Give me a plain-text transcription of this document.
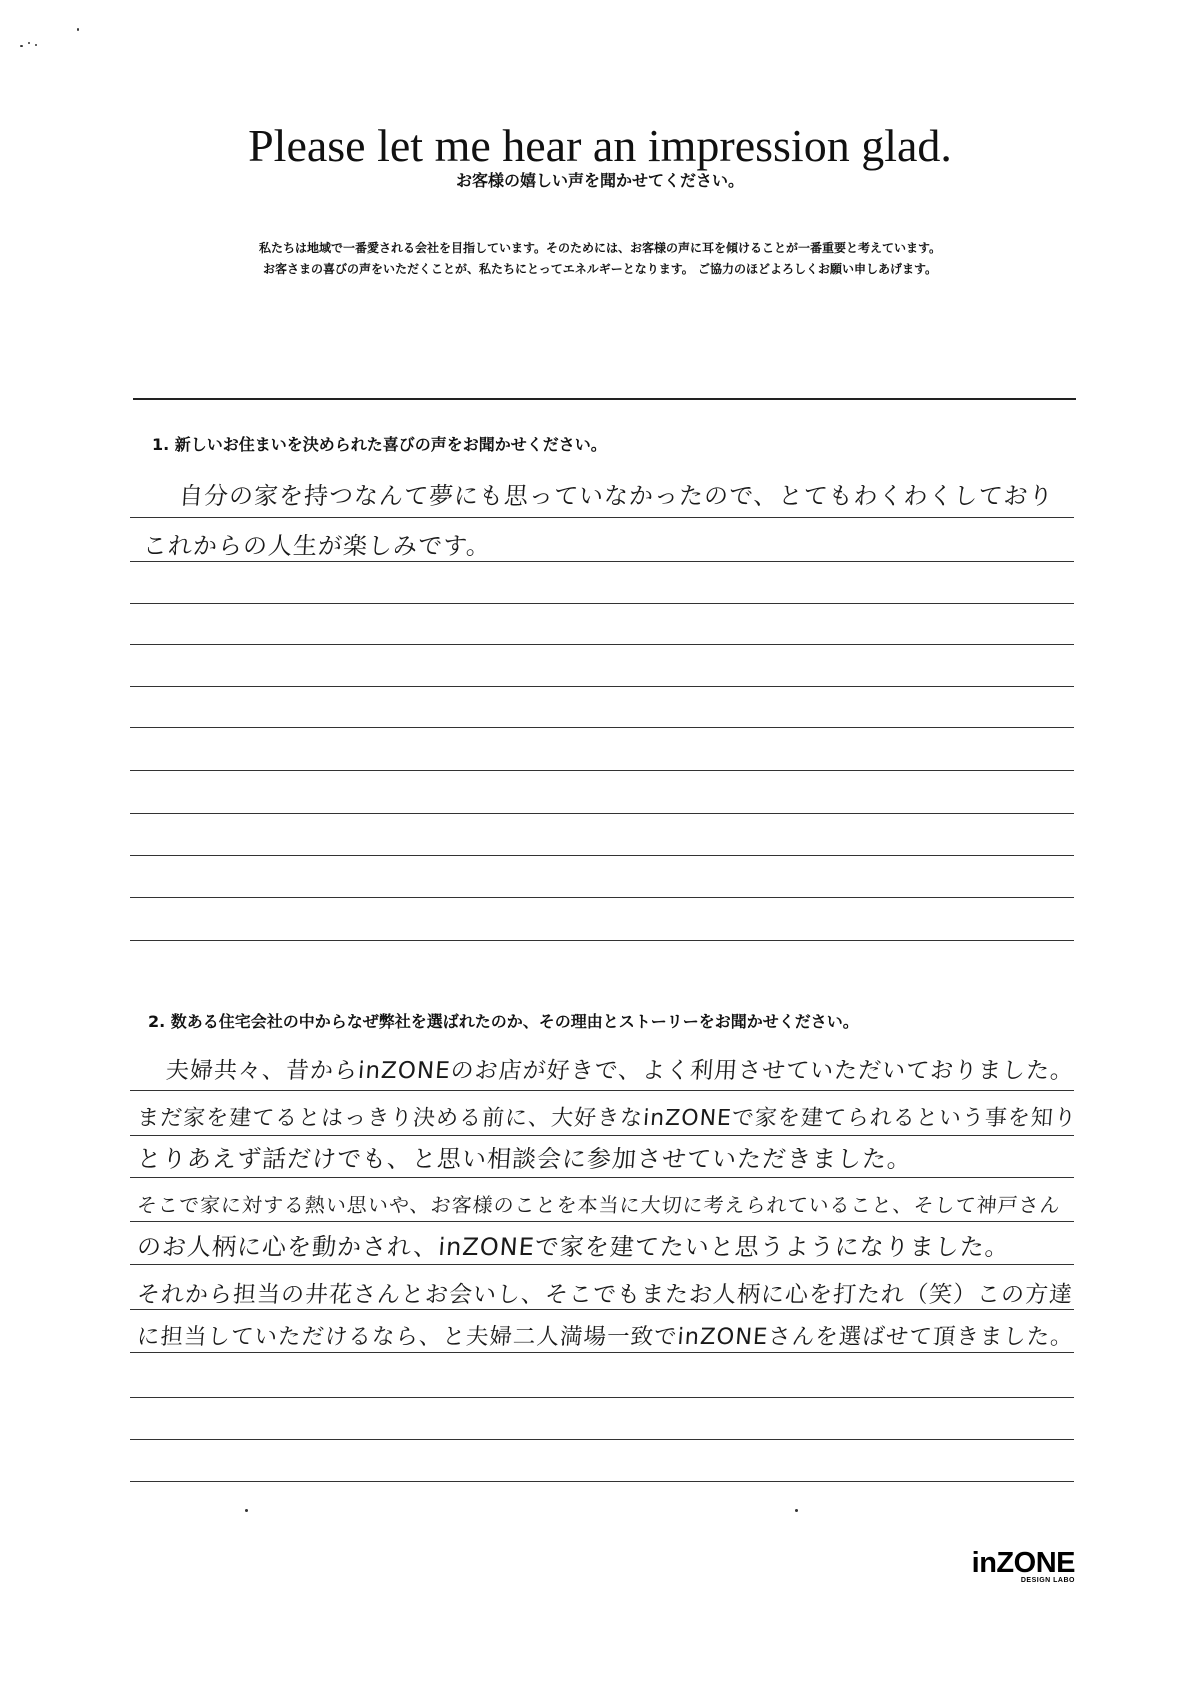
Please let me hear an impression glad.
お客様の嬉しい声を聞かせてください。
私たちは地域で一番愛される会社を目指しています。そのためには、お客様の声に耳を傾けることが一番重要と考えています。
お客さまの喜びの声をいただくことが、私たちにとってエネルギーとなります。 ご協力のほどよろしくお願い申しあげます。
1. 新しいお住まいを決められた喜びの声をお聞かせください。
自分の家を持つなんて夢にも思っていなかったので、とてもわくわくしており
これからの人生が楽しみです。
2. 数ある住宅会社の中からなぜ弊社を選ばれたのか、その理由とストーリーをお聞かせください。
夫婦共々、昔からinZONEのお店が好きで、よく利用させていただいておりました。
まだ家を建てるとはっきり決める前に、大好きなinZONEで家を建てられるという事を知り
とりあえず話だけでも、と思い相談会に参加させていただきました。
そこで家に対する熱い思いや、お客様のことを本当に大切に考えられていること、そして神戸さん
のお人柄に心を動かされ、inZONEで家を建てたいと思うようになりました。
それから担当の井花さんとお会いし、そこでもまたお人柄に心を打たれ（笑）この方達
に担当していただけるなら、と夫婦二人満場一致でinZONEさんを選ばせて頂きました。
inZONE
DESIGN LABO
